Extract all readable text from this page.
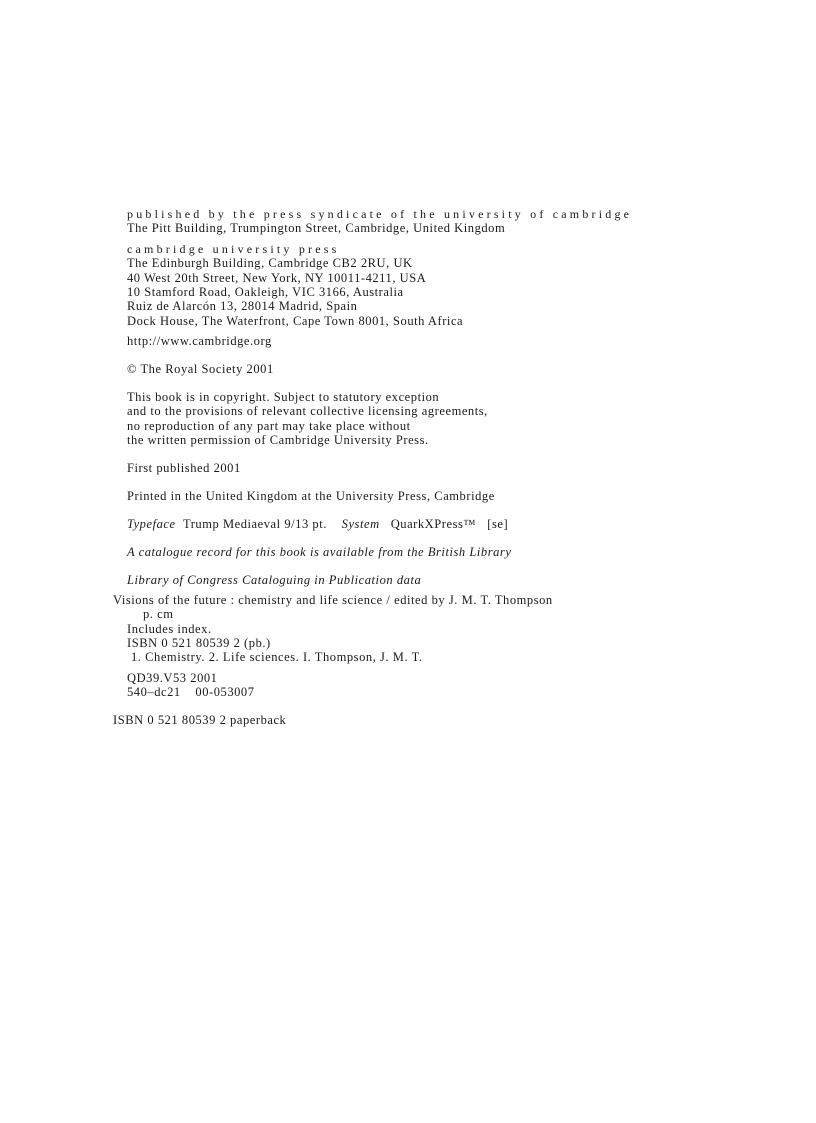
published by the press syndicate of the university of cambridge
The Pitt Building, Trumpington Street, Cambridge, United Kingdom
cambridge university press
The Edinburgh Building, Cambridge CB2 2RU, UK
40 West 20th Street, New York, NY 10011-4211, USA
10 Stamford Road, Oakleigh, VIC 3166, Australia
Ruiz de Alarcón 13, 28014 Madrid, Spain
Dock House, The Waterfront, Cape Town 8001, South Africa
http://www.cambridge.org
© The Royal Society 2001
This book is in copyright. Subject to statutory exception
and to the provisions of relevant collective licensing agreements,
no reproduction of any part may take place without
the written permission of Cambridge University Press.
First published 2001
Printed in the United Kingdom at the University Press, Cambridge
Typeface Trump Mediaeval 9/13 pt. System QuarkXPress™ [se]
A catalogue record for this book is available from the British Library
Library of Congress Cataloguing in Publication data
Visions of the future : chemistry and life science / edited by J. M. T. Thompson
p. cm
Includes index.
ISBN 0 521 80539 2 (pb.)
1. Chemistry. 2. Life sciences. I. Thompson, J. M. T.
QD39.V53 2001
540–dc21 00-053007
ISBN 0 521 80539 2 paperback
